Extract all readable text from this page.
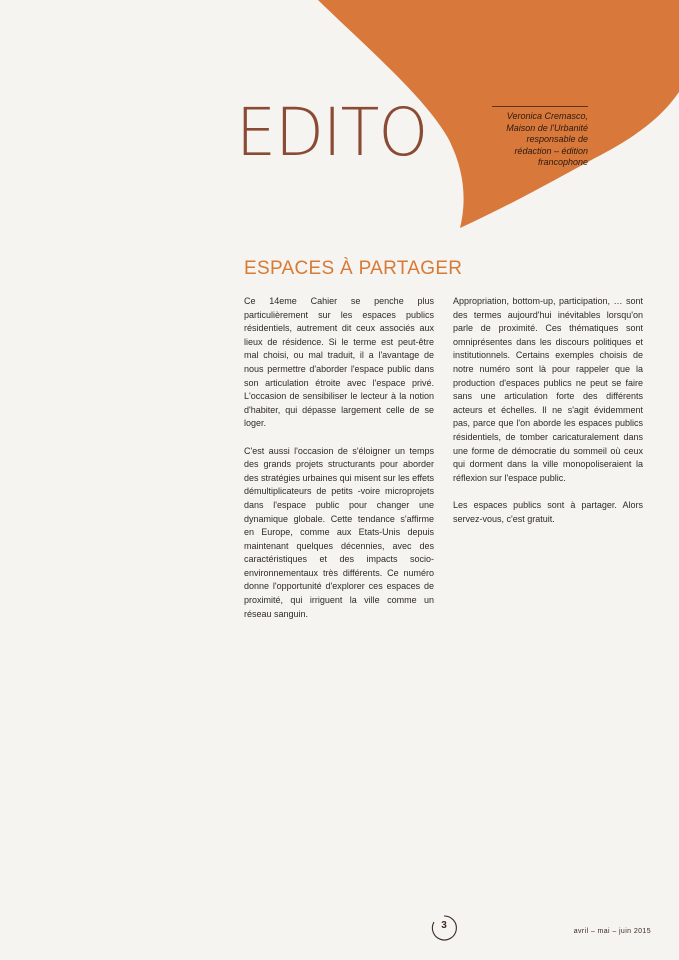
EDITO	Veronica Cremasco,
Maison de l'Urbanité
responsable de
rédaction – édition
francophone
ESPACES À PARTAGER

Ce 14eme Cahier se penche plus particulièrement sur les espaces publics résidentiels, autrement dit ceux associés aux lieux de résidence. Si le terme est peut-être mal choisi, ou mal traduit, il a l'avantage de nous permettre d'aborder l'espace public dans son articulation étroite avec l'espace privé. L'occasion de sensibiliser le lecteur à la notion d'habiter, qui dépasse largement celle de se loger.

C'est aussi l'occasion de s'éloigner un temps des grands projets structurants pour aborder des stratégies urbaines qui misent sur les effets démultiplicateurs de petits -voire microprojets dans l'espace public pour changer une dynamique globale. Cette tendance s'affirme en Europe, comme aux Etats-Unis depuis maintenant quelques décennies, avec des caractéristiques et des impacts socio-environnementaux très différents. Ce numéro donne l'opportunité d'explorer ces espaces de proximité, qui irriguent la ville comme un réseau sanguin.

Appropriation, bottom-up, participation, … sont des termes aujourd'hui inévitables lorsqu'on parle de proximité. Ces thématiques sont omniprésentes dans les discours politiques et institutionnels. Certains exemples choisis de notre numéro sont là pour rappeler que la production d'espaces publics ne peut se faire sans une articulation forte des différents acteurs et échelles. Il ne s'agit évidemment pas, parce que l'on aborde les espaces publics résidentiels, de tomber caricaturalement dans une forme de démocratie du sommeil où ceux qui dorment dans la ville monopoliseraient la réflexion sur l'espace public.

Les espaces publics sont à partager. Alors servez-vous, c'est gratuit.

3
avril – mai – juin 2015
